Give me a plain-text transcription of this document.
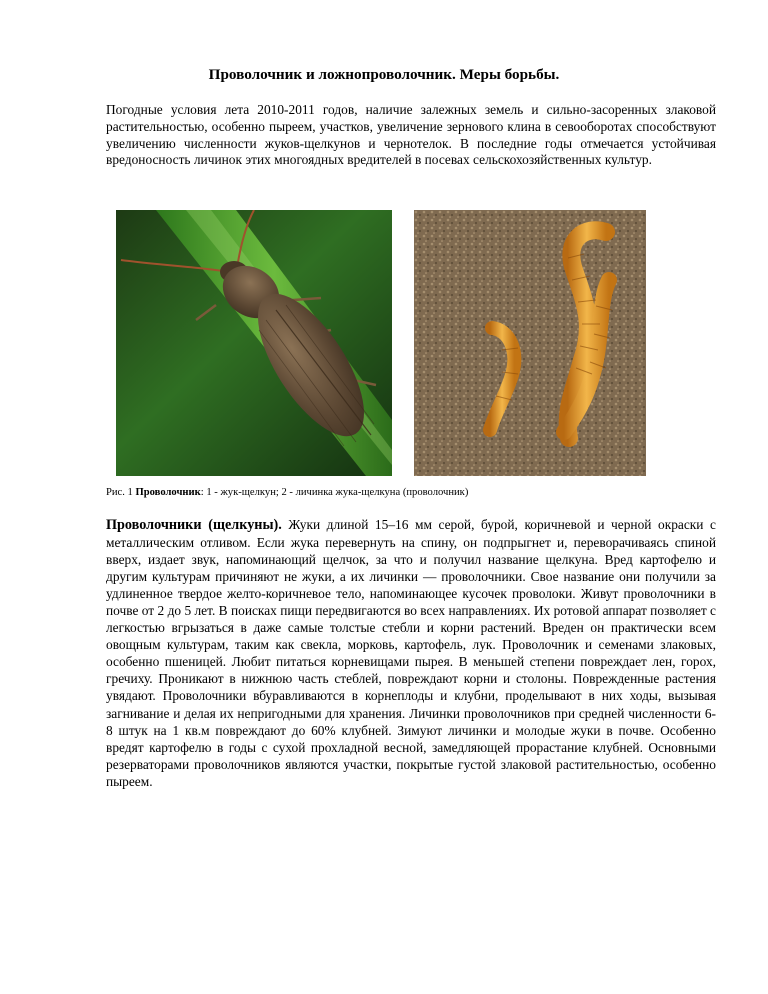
Проволочник и ложнопроволочник. Меры борьбы.
Погодные условия лета 2010-2011 годов, наличие залежных земель и сильно-засоренных злаковой растительностью, особенно пыреем, участков, увеличение зернового клина в севооборотах способствуют увеличению численности жуков-щелкунов и чернотелок. В последние годы отмечается устойчивая вредоносность личинок этих многоядных вредителей в посевах сельскохозяйственных культур.
Рис. 1 Проволочник: 1 - жук-щелкун; 2 - личинка жука-щелкуна (проволочник)
Проволочники (щелкуны). Жуки длиной 15–16 мм серой, бурой, коричневой и черной окраски с металлическим отливом. Если жука перевернуть на спину, он подпрыгнет и, переворачиваясь спиной вверх, издает звук, напоминающий щелчок, за что и получил название щелкуна. Вред картофелю и другим культурам причиняют не жуки, а их личинки — проволочники. Свое название они получили за удлиненное твердое желто-коричневое тело, напоминающее кусочек проволоки. Живут проволочники в почве от 2 до 5 лет. В поисках пищи передвигаются во всех направлениях. Их ротовой аппарат позволяет с легкостью вгрызаться в даже самые толстые стебли и корни растений. Вреден он практически всем овощным культурам, таким как свекла, морковь, картофель, лук. Проволочник и семенами злаковых, особенно пшеницей. Любит питаться корневищами пырея. В меньшей степени повреждает лен, горох, гречиху. Проникают в нижнюю часть стеблей, повреждают корни и столоны. Поврежденные растения увядают. Проволочники вбуравливаются в корнеплоды и клубни, проделывают в них ходы, вызывая загнивание и делая их непригодными для хранения. Личинки проволочников при средней численности 6-8 штук на 1 кв.м повреждают до 60% клубней. Зимуют личинки и молодые жуки в почве. Особенно вредят картофелю в годы с сухой прохладной весной, замедляющей прорастание клубней. Основными резерваторами проволочников являются участки, покрытые густой злаковой растительностью, особенно пыреем.
